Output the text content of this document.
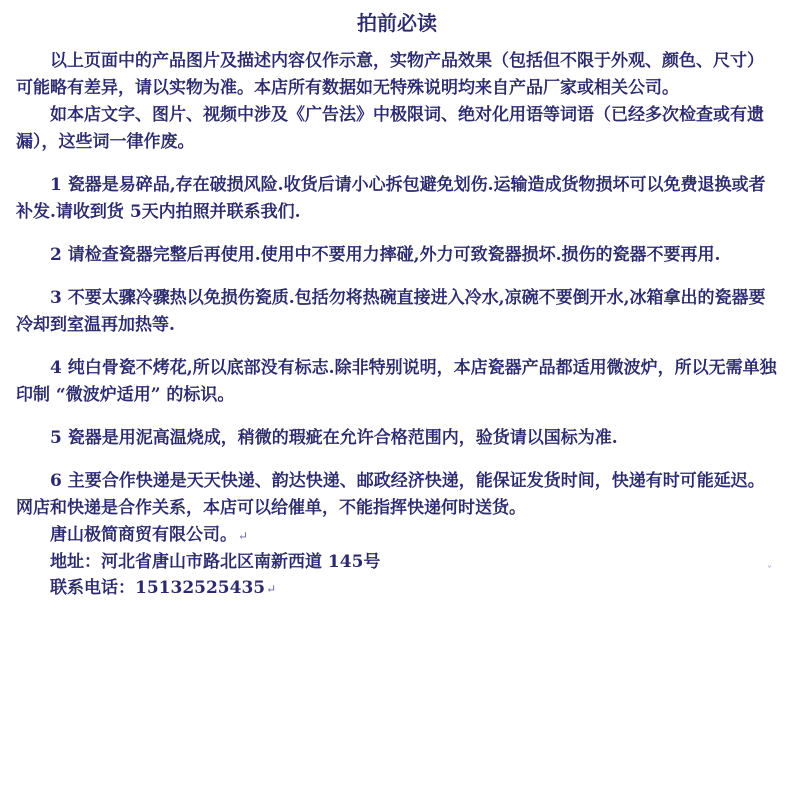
拍前必读

以上页面中的产品图片及描述内容仅作示意，实物产品效果（包括但不限于外观、颜色、尺寸）可能略有差异，请以实物为准。本店所有数据如无特殊说明均来自产品厂家或相关公司。

如本店文字、图片、视频中涉及《广告法》中极限词、绝对化用语等词语（已经多次检查或有遗漏），这些词一律作废。

1 瓷器是易碎品,存在破损风险.收货后请小心拆包避免划伤.运输造成货物损坏可以免费退换或者补发.请收到货 5天内拍照并联系我们.

2 请检查瓷器完整后再使用.使用中不要用力摔碰,外力可致瓷器损坏.损伤的瓷器不要再用.

3 不要太骤冷骤热以免损伤瓷质.包括勿将热碗直接进入冷水,凉碗不要倒开水,冰箱拿出的瓷器要冷却到室温再加热等.

4 纯白骨瓷不烤花,所以底部没有标志.除非特别说明，本店瓷器产品都适用微波炉，所以无需单独印制 “微波炉适用” 的标识。

5 瓷器是用泥高温烧成，稍微的瑕疵在允许合格范围内，验货请以国标为准.

6 主要合作快递是天天快递、韵达快递、邮政经济快递，能保证发货时间，快递有时可能延迟。网店和快递是合作关系，本店可以给催单，不能指挥快递何时送货。

唐山极简商贸有限公司。↵

地址：河北省唐山市路北区南新西道 145号

联系电话：15132525435↵

ˇ
